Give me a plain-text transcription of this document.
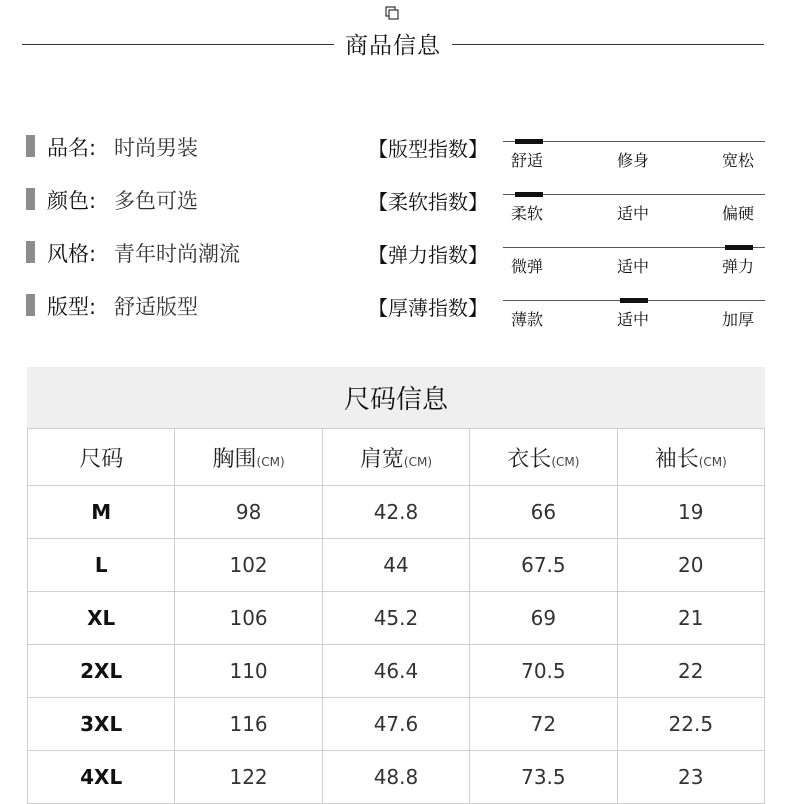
商品信息
品名: 时尚男装
颜色: 多色可选
风格: 青年时尚潮流
版型: 舒适版型
【版型指数】
【柔软指数】
【弹力指数】
【厚薄指数】
舒适	修身	宽松
柔软	适中	偏硬
微弹	适中	弹力
薄款	适中	加厚
尺码信息
尺码	胸围(CM)	肩宽(CM)	衣长(CM)	袖长(CM)
M	98	42.8	66	19
L	102	44	67.5	20
XL	106	45.2	69	21
2XL	110	46.4	70.5	22
3XL	116	47.6	72	22.5
4XL	122	48.8	73.5	23
